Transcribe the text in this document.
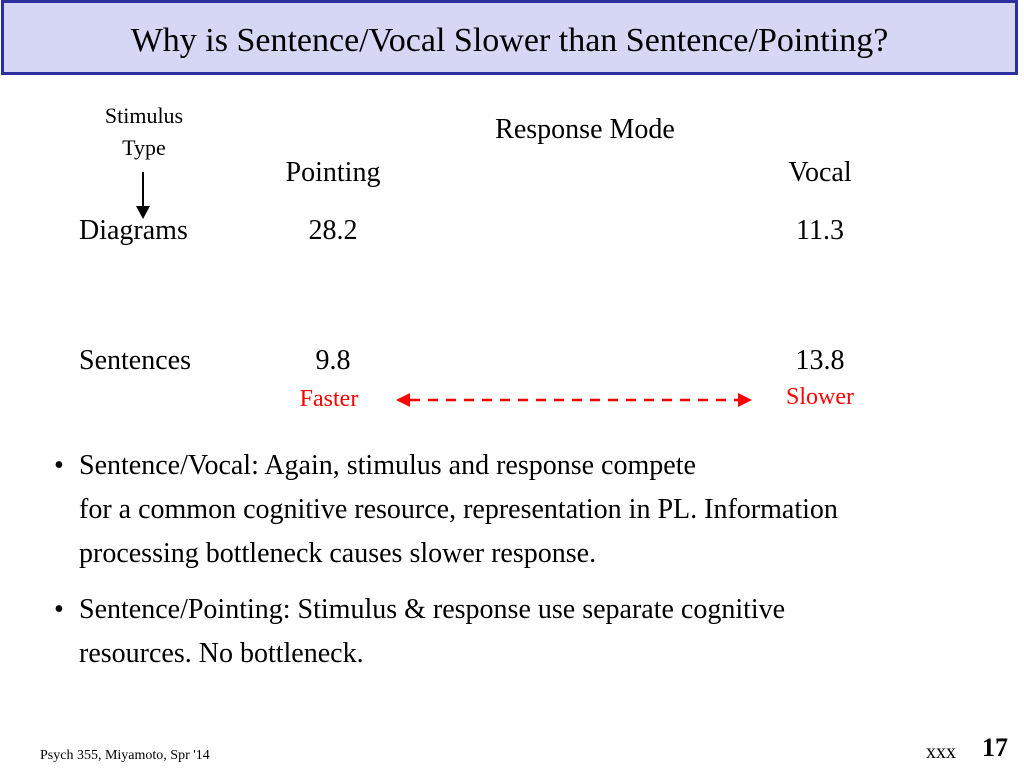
Why is Sentence/Vocal Slower than Sentence/Pointing?
Stimulus
Type
Response Mode
Pointing	Vocal
Diagrams	28.2	11.3
Sentences	9.8	13.8
Faster	Slower
• Sentence/Vocal: Again, stimulus and response compete
for a common cognitive resource, representation in PL. Information
processing bottleneck causes slower response.
• Sentence/Pointing: Stimulus & response use separate cognitive
resources. No bottleneck.
Psych 355, Miyamoto, Spr '14	xxx 17
